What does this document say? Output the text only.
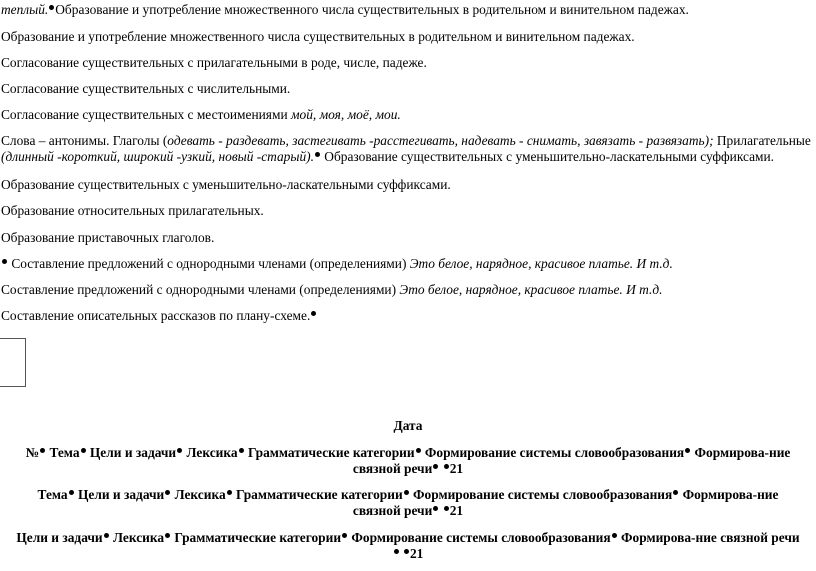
теплый. Образование и употребление множественного числа существительных в родительном и винительном падежах.
Образование и употребление множественного числа существительных в родительном и винительном падежах.
Согласование существительных с прилагательными в роде, числе, падеже.
Согласование существительных с числительными.
Согласование существительных с местоимениями мой, моя, моё, мои.
Слова – антонимы. Глаголы (одевать - раздевать, застегивать -расстегивать, надевать - снимать, завязать - развязать); Прилагательные
(длинный -короткий, широкий -узкий, новый -старый). Образование существительных с уменьшительно-ласкательными суффиксами.
Образование существительных с уменьшительно-ласкательными суффиксами.
Образование относительных прилагательных.
Образование приставочных глаголов.
Составление предложений с однородными членами (определениями) Это белое, нарядное, красивое платье. И т.д.
Составление предложений с однородными членами (определениями) Это белое, нарядное, красивое платье. И т.д.
Составление описательных рассказов по плану-схеме.
Дата
№ Тема Цели и задачи Лексика Грамматические категории Формирование системы словообразования Формирова-ние связной речи 21
Тема Цели и задачи Лексика Грамматические категории Формирование системы словообразования Формирова-ние связной речи 21
Цели и задачи Лексика Грамматические категории Формирование системы словообразования Формирова-ние связной речи 21
